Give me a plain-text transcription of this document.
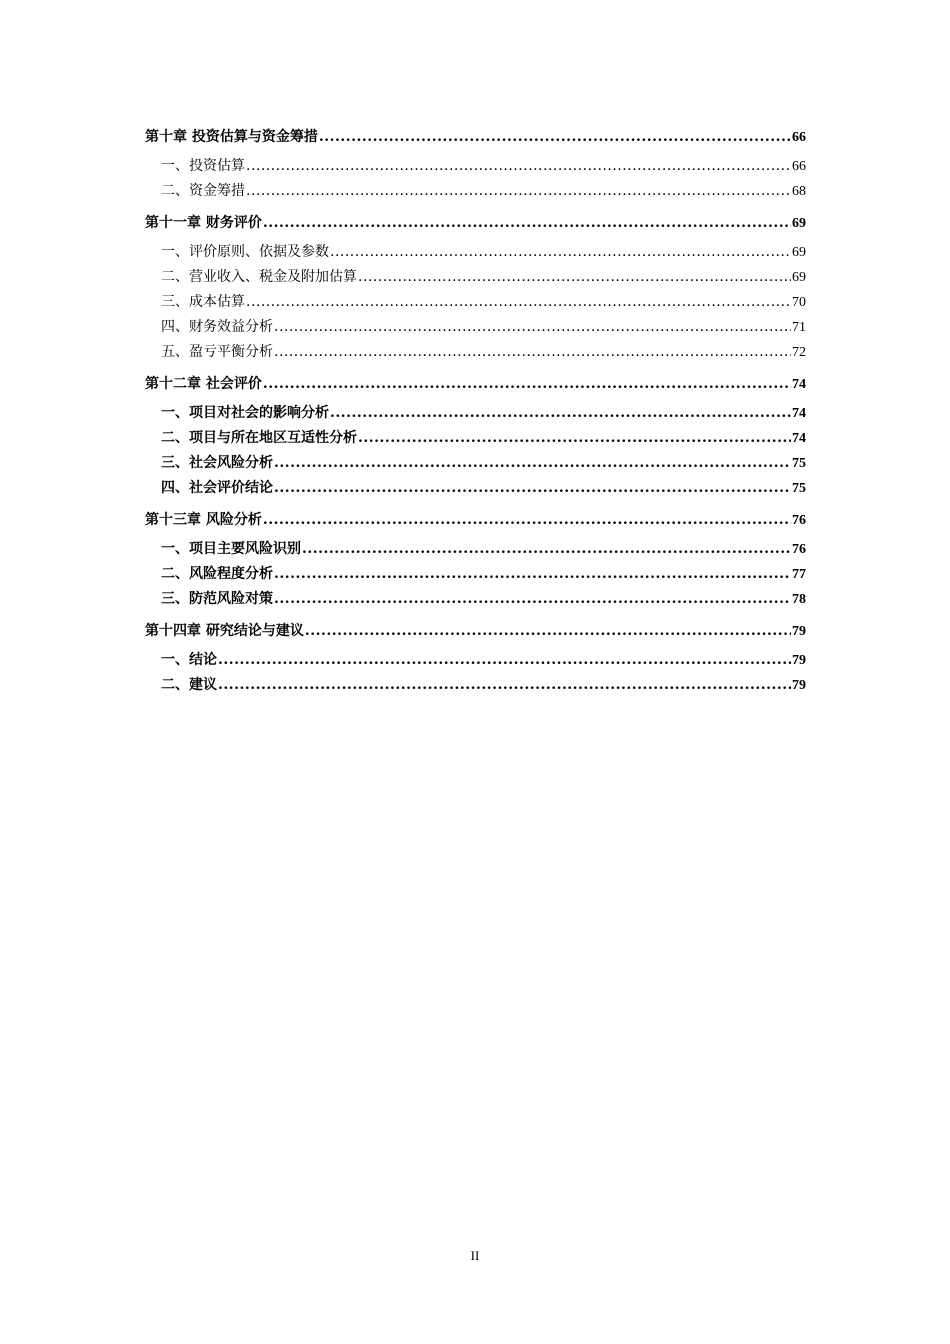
第十章 投资估算与资金筹措 .....	66
一、投资估算 .....	66
二、资金筹措 .....	68
第十一章 财务评价 .....	69
一、评价原则、依据及参数 .....	69
二、营业收入、税金及附加估算 .....	69
三、成本估算 .....	70
四、财务效益分析 .....	71
五、盈亏平衡分析 .....	72
第十二章 社会评价 .....	74
一、项目对社会的影响分析 .....	74
二、项目与所在地区互适性分析 .....	74
三、社会风险分析 .....	75
四、社会评价结论 .....	75
第十三章 风险分析 .....	76
一、项目主要风险识别 .....	76
二、风险程度分析 .....	77
三、防范风险对策 .....	78
第十四章 研究结论与建议 .....	79
一、结论 .....	79
二、建议 .....	79
II
